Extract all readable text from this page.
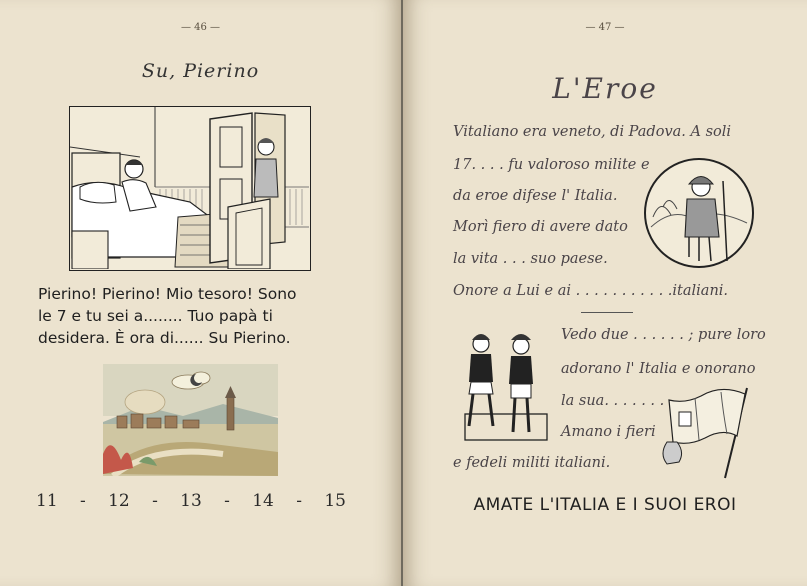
— 46 —
Su, Pierino
Pierino! Pierino! Mio tesoro! Sono
le 7 e tu sei a........ Tuo papà ti
desidera. È ora di...... Su Pierino.
11 - 12 - 13 - 14 - 15
— 47 —
L'Eroe
Vitaliano era veneto, di Padova. A soli
17. . . . fu valoroso milite e
da eroe difese l' Italia.
Morì fiero di avere dato
la vita . . . suo paese.
Onore a Lui e ai . . . . . . . . . . .italiani.
Vedo due . . . . . . ; pure loro
adorano l' Italia e onorano
la sua. . . . . . .
Amano i fieri
e fedeli militi italiani.
AMATE L'ITALIA E I SUOI EROI
